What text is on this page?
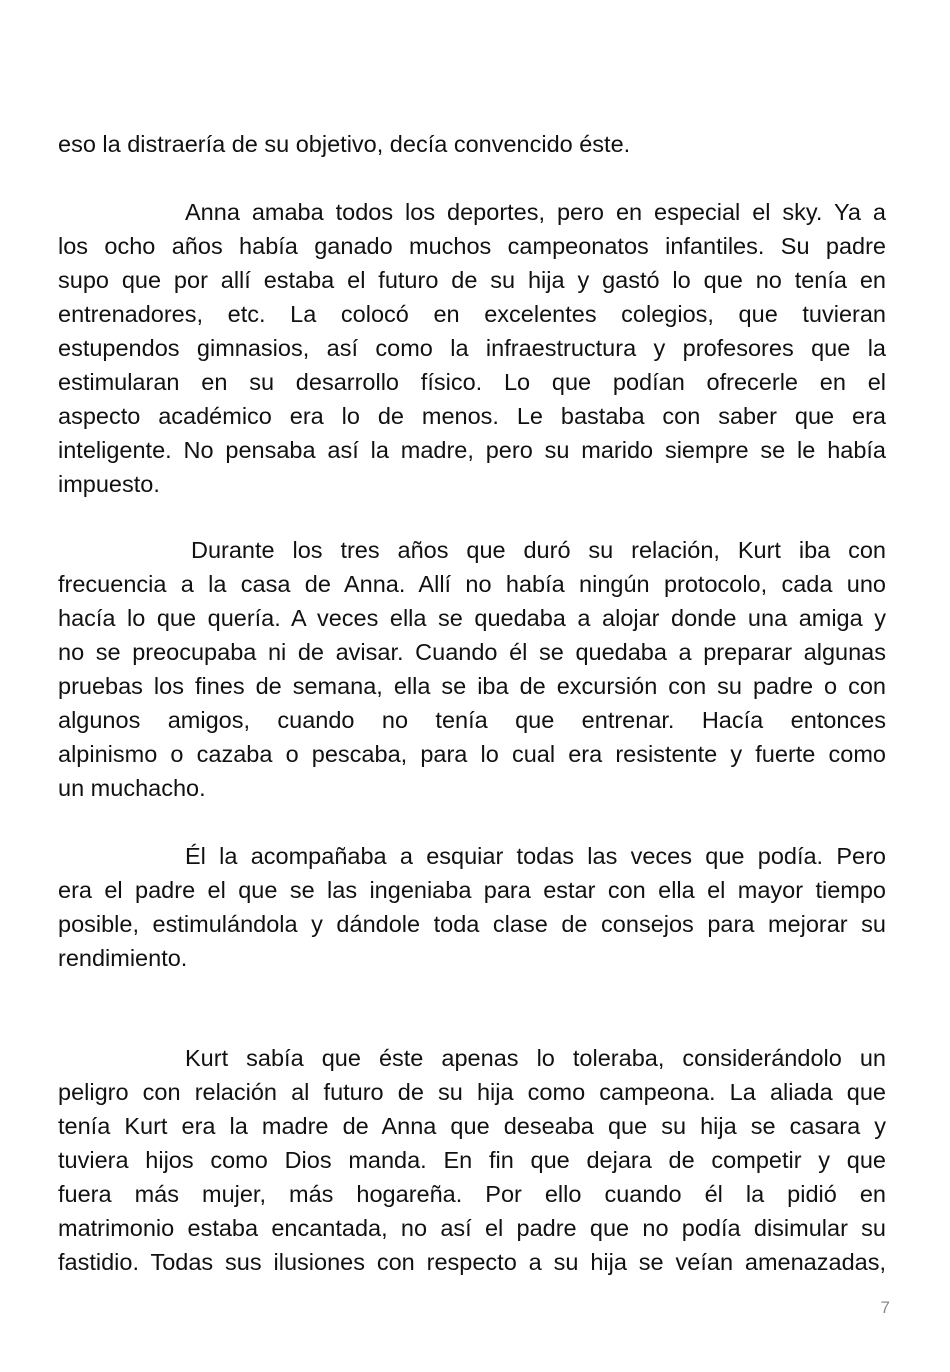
eso la distraería de su objetivo, decía convencido éste.
Anna amaba todos los deportes, pero en especial el sky. Ya a
los ocho años había ganado muchos campeonatos infantiles. Su padre
supo que por allí estaba el futuro de su hija y gastó lo que no tenía en
entrenadores, etc. La colocó en excelentes colegios, que tuvieran
estupendos gimnasios, así como la infraestructura y profesores que la
estimularan en su desarrollo físico. Lo que podían ofrecerle en el
aspecto académico era lo de menos. Le bastaba con saber que era
inteligente. No pensaba así la madre, pero su marido siempre se le había
impuesto.
Durante los tres años que duró su relación, Kurt iba con
frecuencia a la casa de Anna. Allí no había ningún protocolo, cada uno
hacía lo que quería. A veces ella se quedaba a alojar donde una amiga y
no se preocupaba ni de avisar. Cuando él se quedaba a preparar algunas
pruebas los fines de semana, ella se iba de excursión con su padre o con
algunos amigos, cuando no tenía que entrenar. Hacía entonces
alpinismo o cazaba o pescaba, para lo cual era resistente y fuerte como
un muchacho.
Él la acompañaba a esquiar todas las veces que podía. Pero
era el padre el que se las ingeniaba para estar con ella el mayor tiempo
posible, estimulándola y dándole toda clase de consejos para mejorar su
rendimiento.
Kurt sabía que éste apenas lo toleraba, considerándolo un
peligro con relación al futuro de su hija como campeona. La aliada que
tenía Kurt era la madre de Anna que deseaba que su hija se casara y
tuviera hijos como Dios manda. En fin que dejara de competir y que
fuera más mujer, más hogareña. Por ello cuando él la pidió en
matrimonio estaba encantada, no así el padre que no podía disimular su
fastidio. Todas sus ilusiones con respecto a su hija se veían amenazadas,
7
